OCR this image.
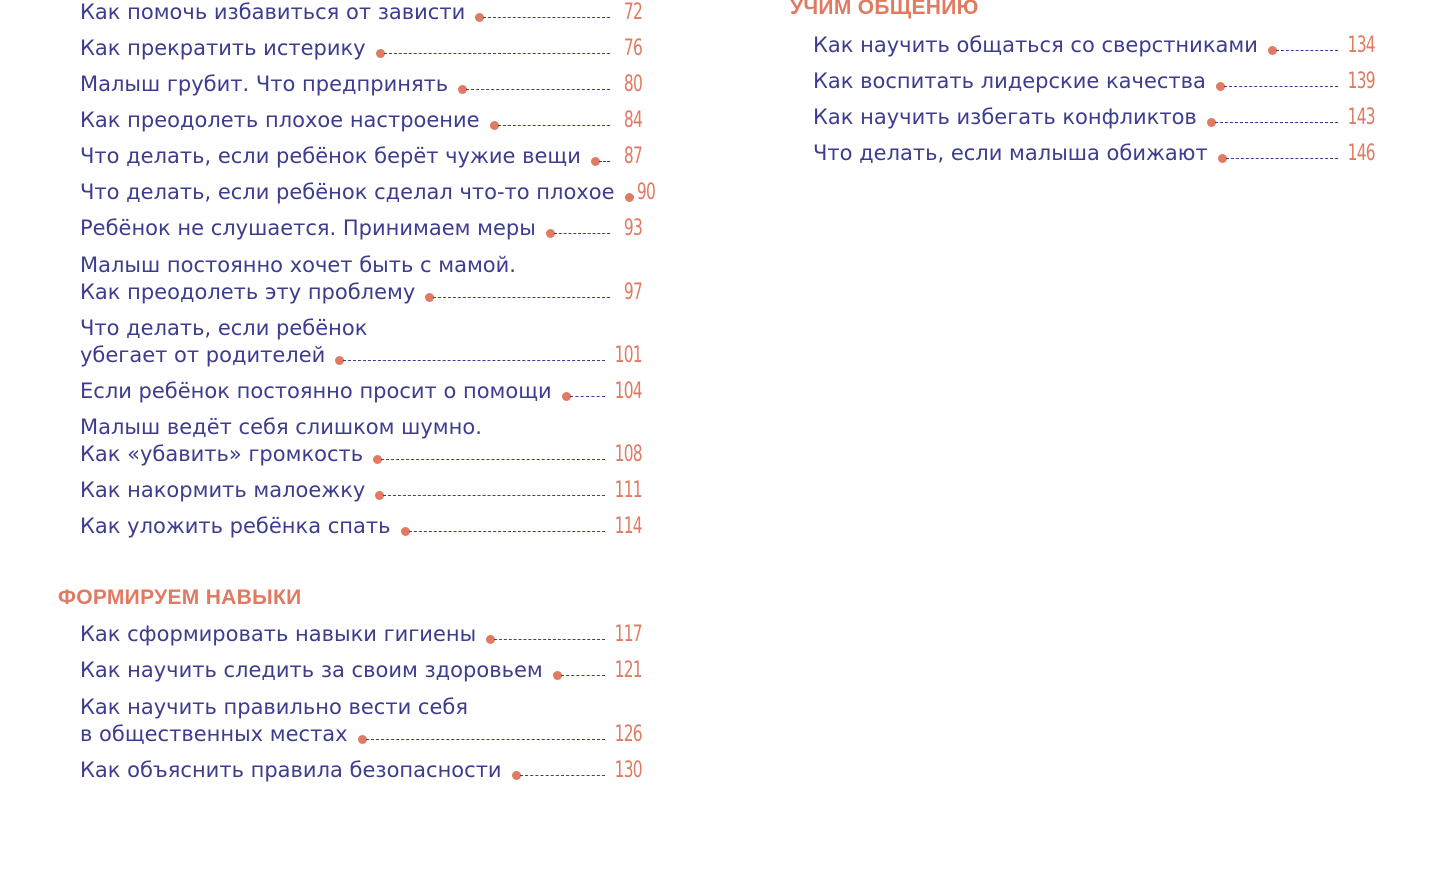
Как помочь избавиться от зависти	72
Как прекратить истерику	76
Малыш грубит. Что предпринять	80
Как преодолеть плохое настроение	84
Что делать, если ребёнок берёт чужие вещи 87
Что делать, если ребёнок сделал что-то плохое 90
Ребёнок не слушается. Принимаем меры	93
Малыш постоянно хочет быть с мамой.
Как преодолеть эту проблему	97
Что делать, если ребёнок
убегает от родителей	101
Если ребёнок постоянно просит о помощи	104
Малыш ведёт себя слишком шумно.
Как «убавить» громкость	108
Как накормить малоежку	111
Как уложить ребёнка спать	114
ФОРМИРУЕМ НАВЫКИ
Как сформировать навыки гигиены	117
Как научить следить за своим здоровьем	121
Как научить правильно вести себя
в общественных местах	126
Как объяснить правила безопасности	130
УЧИМ ОБЩЕНИЮ
Как научить общаться со сверстниками	134
Как воспитать лидерские качества	139
Как научить избегать конфликтов	143
Что делать, если малыша обижают	146
